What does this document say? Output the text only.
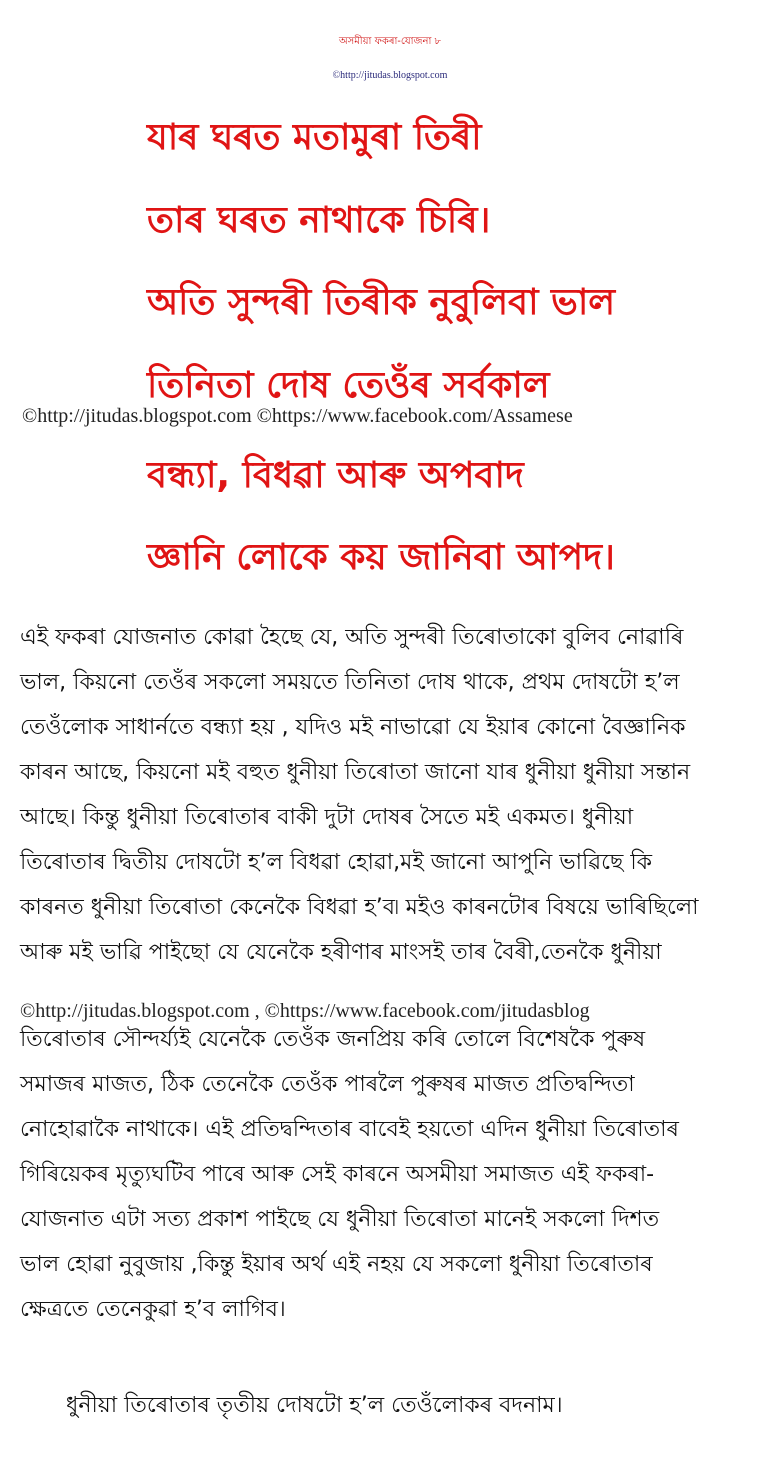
অসমীয়া ফকৰা-যোজনা ৮
©http://jitudas.blogspot.com
যাৰ ঘৰত মতামুৰা তিৰী
তাৰ ঘৰত নাথাকে চিৰি।
অতি সুন্দৰী তিৰীক নুবুলিবা ভাল
তিনিতা দোষ তেওঁৰ সৰ্বকাল
বন্ধ্যা, বিধৱা আৰু অপবাদ
জ্ঞানি লোকে কয় জানিবা আপদ।
©http://jitudas.blogspot.com ©https://www.facebook.com/Assamese
এই ফকৰা যোজনাত কোৱা হৈছে যে, অতি সুন্দৰী তিৰোতাকো বুলিব নোৱাৰি
ভাল, কিয়নো তেওঁৰ সকলো সময়তে তিনিতা দোষ থাকে, প্ৰথম দোষটো হ’ল
তেওঁলোক সাধাৰ্নতে বন্ধ্যা হয় , যদিও মই নাভাৱো যে ইয়াৰ কোনো বৈজ্ঞানিক
কাৰন আছে, কিয়নো মই বহুত ধুনীয়া তিৰোতা জানো যাৰ ধুনীয়া ধুনীয়া সন্তান
আছে। কিন্তু ধুনীয়া তিৰোতাৰ বাকী দুটা দোষৰ সৈতে মই একমত। ধুনীয়া
তিৰোতাৰ দ্বিতীয় দোষটো হ’ল বিধৱা হোৱা,মই জানো আপুনি ভাৱিছে কি
কাৰনত ধুনীয়া তিৰোতা কেনেকৈ বিধৱা হ’ব৷ মইও কাৰনটোৰ বিষয়ে ভাৰিছিলো
আৰু মই ভাৱি পাইছো যে যেনেকৈ হৰীণাৰ মাংসই তাৰ বৈৰী,তেনকৈ ধুনীয়া
©http://jitudas.blogspot.com , ©https://www.facebook.com/jitudasblog
তিৰোতাৰ সৌন্দৰ্য্যই যেনেকৈ তেওঁক জনপ্ৰিয় কৰি তোলে বিশেষকৈ পুৰুষ
সমাজৰ মাজত, ঠিক তেনেকৈ তেওঁক পাৰলৈ পুৰুষৰ মাজত প্ৰতিদ্বন্দিতা
নোহোৱাকৈ নাথাকে। এই প্ৰতিদ্বন্দিতাৰ বাবেই হয়তো এদিন ধুনীয়া তিৰোতাৰ
গিৰিয়েকৰ মৃত্যুঘটিব পাৰে আৰু সেই কাৰনে অসমীয়া সমাজত এই ফকৰা-
যোজনাত এটা সত্য প্ৰকাশ পাইছে যে ধুনীয়া তিৰোতা মানেই সকলো দিশত
ভাল হোৱা নুবুজায় ,কিন্তু ইয়াৰ অৰ্থ এই নহয় যে সকলো ধুনীয়া তিৰোতাৰ
ক্ষেত্ৰতে তেনেকুৱা হ’ব লাগিব।
ধুনীয়া তিৰোতাৰ তৃতীয় দোষটো হ’ল তেওঁলোকৰ বদনাম।
